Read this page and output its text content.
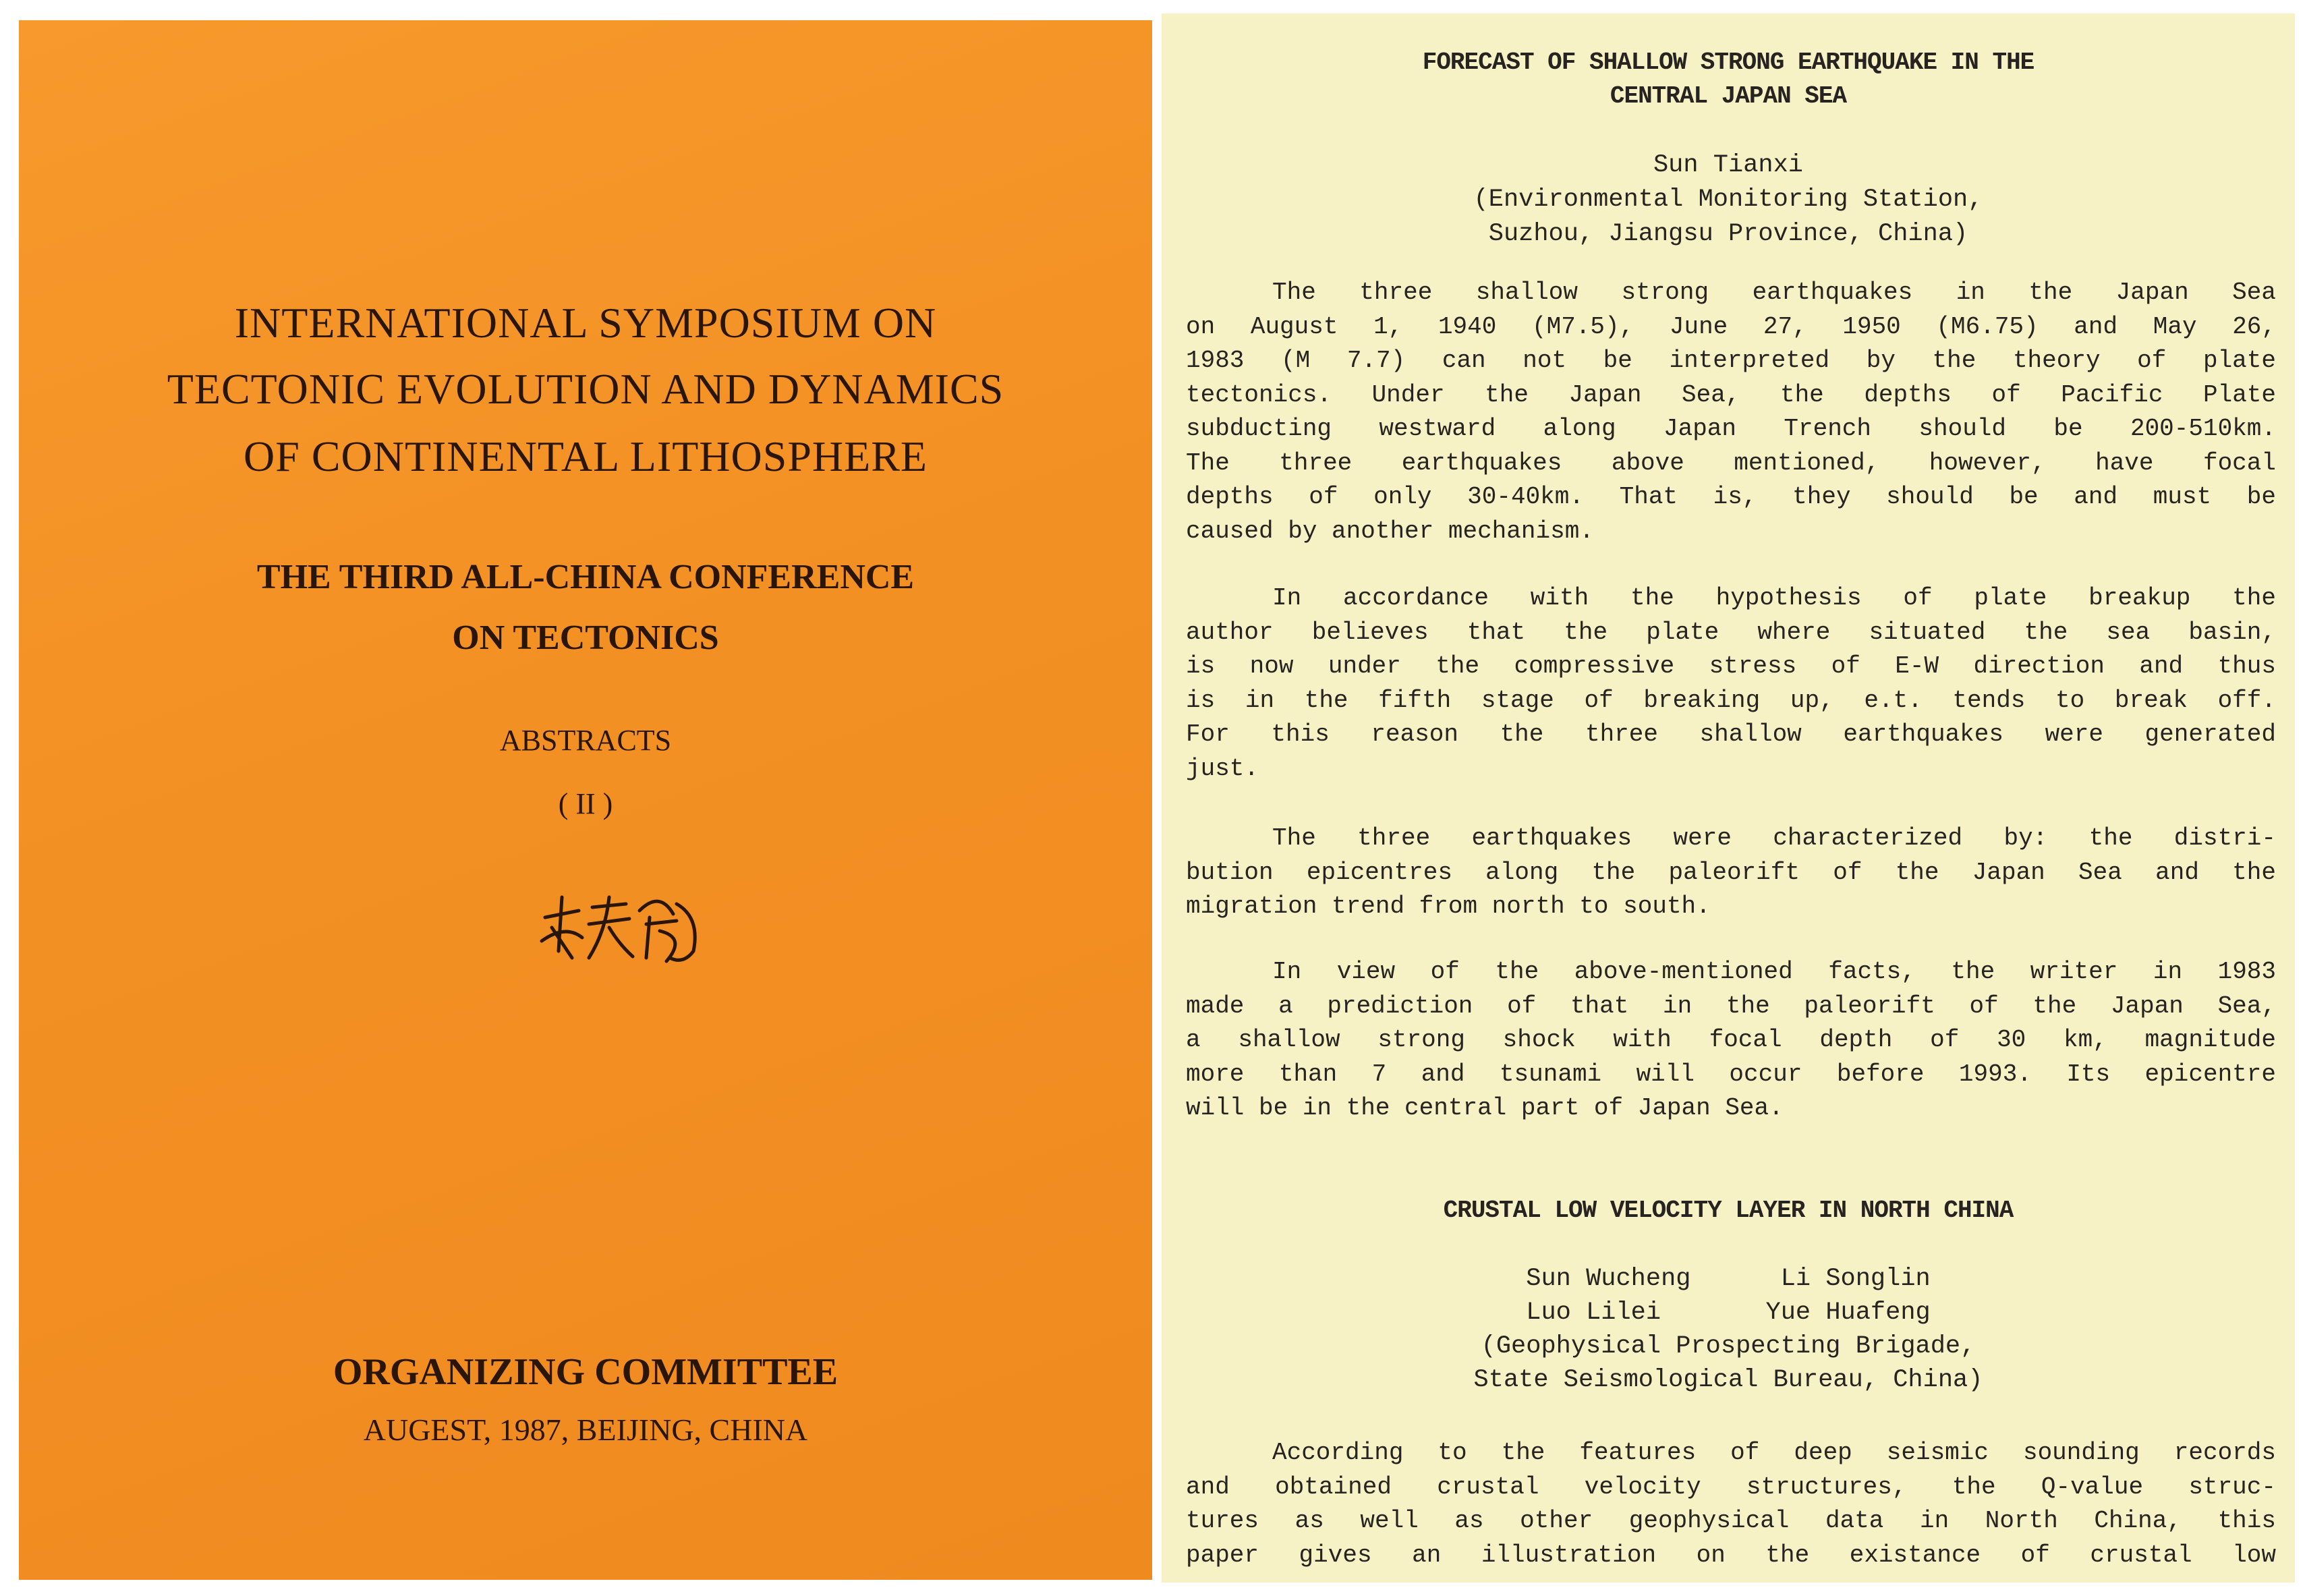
INTERNATIONAL SYMPOSIUM ON
TECTONIC EVOLUTION AND DYNAMICS
OF CONTINENTAL LITHOSPHERE
THE THIRD ALL-CHINA CONFERENCE
ON TECTONICS
ABSTRACTS
( II )
ORGANIZING COMMITTEE
AUGEST, 1987, BEIJING, CHINA
FORECAST OF SHALLOW STRONG EARTHQUAKE IN THE
CENTRAL JAPAN SEA
Sun Tianxi
(Environmental Monitoring Station,
Suzhou, Jiangsu Province, China)
The three shallow strong earthquakes in the Japan Sea
on August 1, 1940 (M7.5), June 27, 1950 (M6.75) and May 26,
1983 (M 7.7) can not be interpreted by the theory of plate
tectonics. Under the Japan Sea, the depths of Pacific Plate
subducting westward along Japan Trench should be 200-510km.
The three earthquakes above mentioned, however, have focal
depths of only 30-40km. That is, they should be and must be
caused by another mechanism.
In accordance with the hypothesis of plate breakup the
author believes that the plate where situated the sea basin,
is now under the compressive stress of E-W direction and thus
is in the fifth stage of breaking up, e.t. tends to break off.
For this reason the three shallow earthquakes were generated
just.
The three earthquakes were characterized by: the distri-
bution epicentres along the paleorift of the Japan Sea and the
migration trend from north to south.
In view of the above-mentioned facts, the writer in 1983
made a prediction of that in the paleorift of the Japan Sea,
a shallow strong shock with focal depth of 30 km, magnitude
more than 7 and tsunami will occur before 1993. Its epicentre
will be in the central part of Japan Sea.
CRUSTAL LOW VELOCITY LAYER IN NORTH CHINA
Sun Wucheng      Li Songlin
Luo Lilei       Yue Huafeng
(Geophysical Prospecting Brigade,
State Seismological Bureau, China)
According to the features of deep seismic sounding records
and obtained crustal velocity structures, the Q-value struc-
tures as well as other geophysical data in North China, this
paper gives an illustration on the existance of crustal low
